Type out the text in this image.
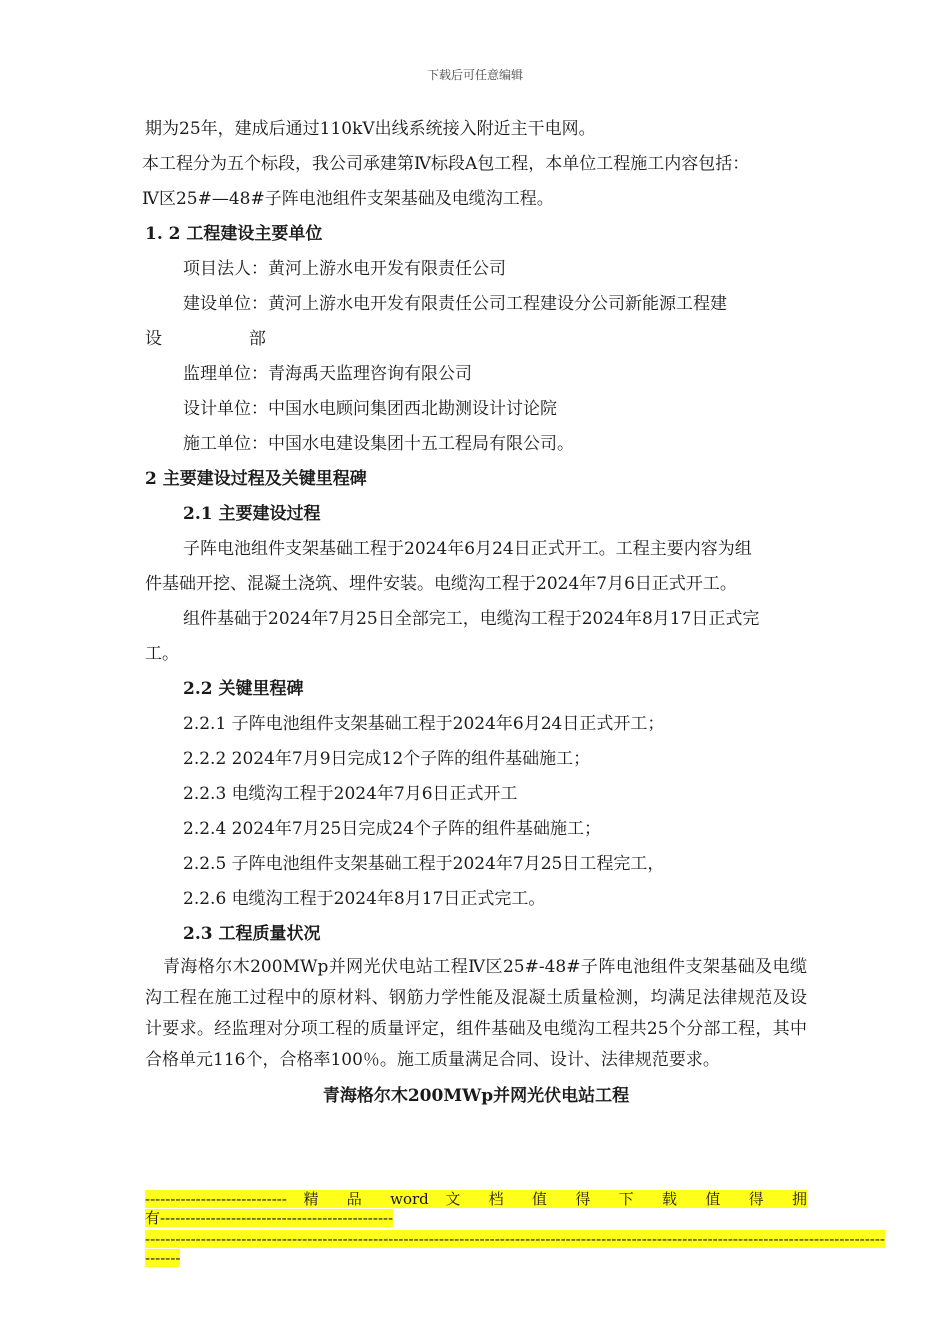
下载后可任意编辑
期为25年，建成后通过110kV出线系统接入附近主干电网。
本工程分为五个标段，我公司承建第Ⅳ标段A包工程，本单位工程施工内容包括：
Ⅳ区25#—48#子阵电池组件支架基础及电缆沟工程。
1. 2 工程建设主要单位
项目法人：黄河上游水电开发有限责任公司
建设单位：黄河上游水电开发有限责任公司工程建设分公司新能源工程建
设	部
监理单位：青海禹天监理咨询有限公司
设计单位：中国水电顾问集团西北勘测设计讨论院
施工单位：中国水电建设集团十五工程局有限公司。
2 主要建设过程及关键里程碑
2.1 主要建设过程
子阵电池组件支架基础工程于2024年6月24日正式开工。工程主要内容为组
件基础开挖、混凝土浇筑、埋件安装。电缆沟工程于2024年7月6日正式开工。
组件基础于2024年7月25日全部完工，电缆沟工程于2024年8月17日正式完
工。
2.2 关键里程碑
2.2.1 子阵电池组件支架基础工程于2024年6月24日正式开工；
2.2.2 2024年7月9日完成12个子阵的组件基础施工；
2.2.3 电缆沟工程于2024年7月6日正式开工
2.2.4 2024年7月25日完成24个子阵的组件基础施工；
2.2.5 子阵电池组件支架基础工程于2024年7月25日工程完工，
2.2.6 电缆沟工程于2024年8月17日正式完工。
2.3 工程质量状况

青海格尔木200MWp并网光伏电站工程Ⅳ区25#-48#子阵电池组件支架基础及电缆沟工程在施工过程中的原材料、钢筋力学性能及混凝土质量检测，均满足法律规范及设计要求。经监理对分项工程的质量评定，组件基础及电缆沟工程共25个分部工程，其中合格单元116个，合格率100％。施工质量满足合同、设计、法律规范要求。

青海格尔木200MWp并网光伏电站工程
---------------------------- 精 品 word 文 档 值 得 下 载 值 得 拥
有----------------------------------------------
--------------------------------------------------------------------------------------------------------------------------------------------------
-------
